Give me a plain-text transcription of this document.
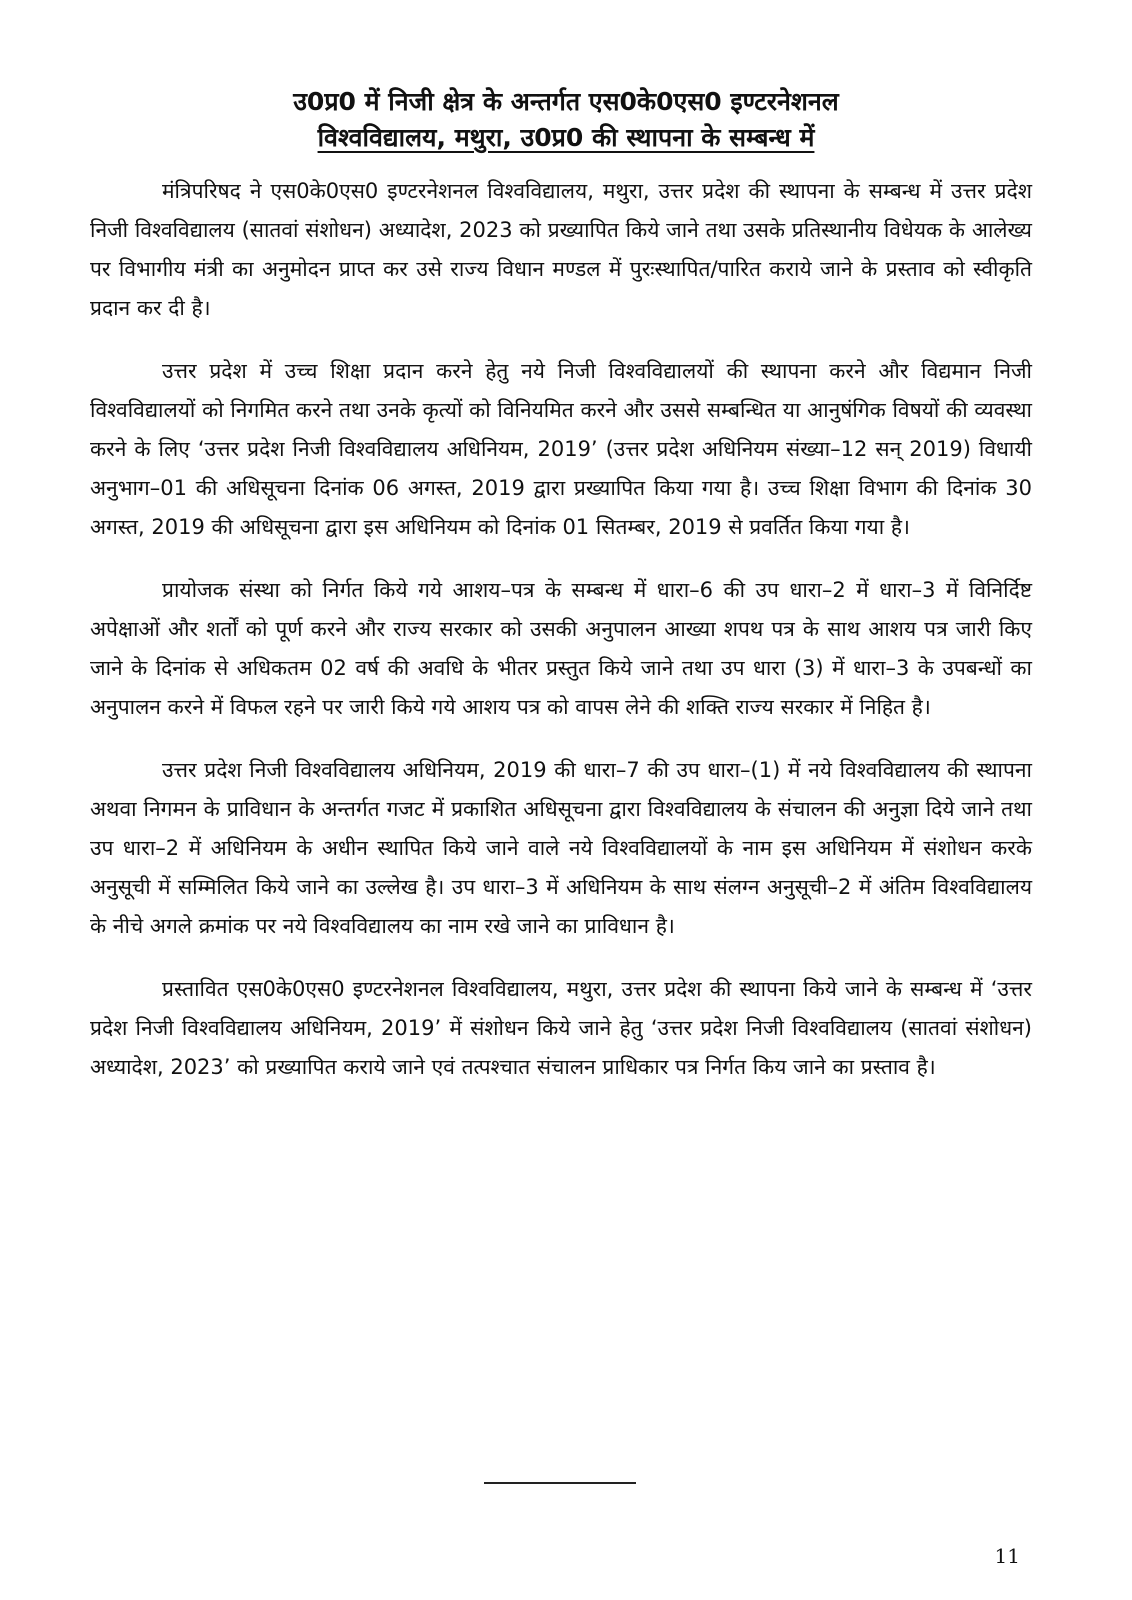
उ0प्र0 में निजी क्षेत्र के अन्तर्गत एस0के0एस0 इण्टरनेशनल
विश्वविद्यालय, मथुरा, उ0प्र0 की स्थापना के सम्बन्ध में

मंत्रिपरिषद ने एस0के0एस0 इण्टरनेशनल विश्वविद्यालय, मथुरा, उत्तर प्रदेश की स्थापना के सम्बन्ध में उत्तर प्रदेश निजी विश्वविद्यालय (सातवां संशोधन) अध्यादेश, 2023 को प्रख्यापित किये जाने तथा उसके प्रतिस्थानीय विधेयक के आलेख्य पर विभागीय मंत्री का अनुमोदन प्राप्त कर उसे राज्य विधान मण्डल में पुरःस्थापित/पारित कराये जाने के प्रस्ताव को स्वीकृति प्रदान कर दी है।

उत्तर प्रदेश में उच्च शिक्षा प्रदान करने हेतु नये निजी विश्वविद्यालयों की स्थापना करने और विद्यमान निजी विश्वविद्यालयों को निगमित करने तथा उनके कृत्यों को विनियमित करने और उससे सम्बन्धित या आनुषंगिक विषयों की व्यवस्था करने के लिए ‘उत्तर प्रदेश निजी विश्वविद्यालय अधिनियम, 2019’ (उत्तर प्रदेश अधिनियम संख्या–12 सन् 2019) विधायी अनुभाग–01 की अधिसूचना दिनांक 06 अगस्त, 2019 द्वारा प्रख्यापित किया गया है। उच्च शिक्षा विभाग की दिनांक 30 अगस्त, 2019 की अधिसूचना द्वारा इस अधिनियम को दिनांक 01 सितम्बर, 2019 से प्रवर्तित किया गया है।

प्रायोजक संस्था को निर्गत किये गये आशय–पत्र के सम्बन्ध में धारा–6 की उप धारा–2 में धारा–3 में विनिर्दिष्ट अपेक्षाओं और शर्तों को पूर्ण करने और राज्य सरकार को उसकी अनुपालन आख्या शपथ पत्र के साथ आशय पत्र जारी किए जाने के दिनांक से अधिकतम 02 वर्ष की अवधि के भीतर प्रस्तुत किये जाने तथा उप धारा (3) में धारा–3 के उपबन्धों का अनुपालन करने में विफल रहने पर जारी किये गये आशय पत्र को वापस लेने की शक्ति राज्य सरकार में निहित है।

उत्तर प्रदेश निजी विश्वविद्यालय अधिनियम, 2019 की धारा–7 की उप धारा–(1) में नये विश्वविद्यालय की स्थापना अथवा निगमन के प्राविधान के अन्तर्गत गजट में प्रकाशित अधिसूचना द्वारा विश्वविद्यालय के संचालन की अनुज्ञा दिये जाने तथा उप धारा–2 में अधिनियम के अधीन स्थापित किये जाने वाले नये विश्वविद्यालयों के नाम इस अधिनियम में संशोधन करके अनुसूची में सम्मिलित किये जाने का उल्लेख है। उप धारा–3 में अधिनियम के साथ संलग्न अनुसूची–2 में अंतिम विश्वविद्यालय के नीचे अगले क्रमांक पर नये विश्वविद्यालय का नाम रखे जाने का प्राविधान है।

प्रस्तावित एस0के0एस0 इण्टरनेशनल विश्वविद्यालय, मथुरा, उत्तर प्रदेश की स्थापना किये जाने के सम्बन्ध में ‘उत्तर प्रदेश निजी विश्वविद्यालय अधिनियम, 2019’ में संशोधन किये जाने हेतु ‘उत्तर प्रदेश निजी विश्वविद्यालय (सातवां संशोधन) अध्यादेश, 2023’ को प्रख्यापित कराये जाने एवं तत्पश्चात संचालन प्राधिकार पत्र निर्गत किय जाने का प्रस्ताव है।

11
